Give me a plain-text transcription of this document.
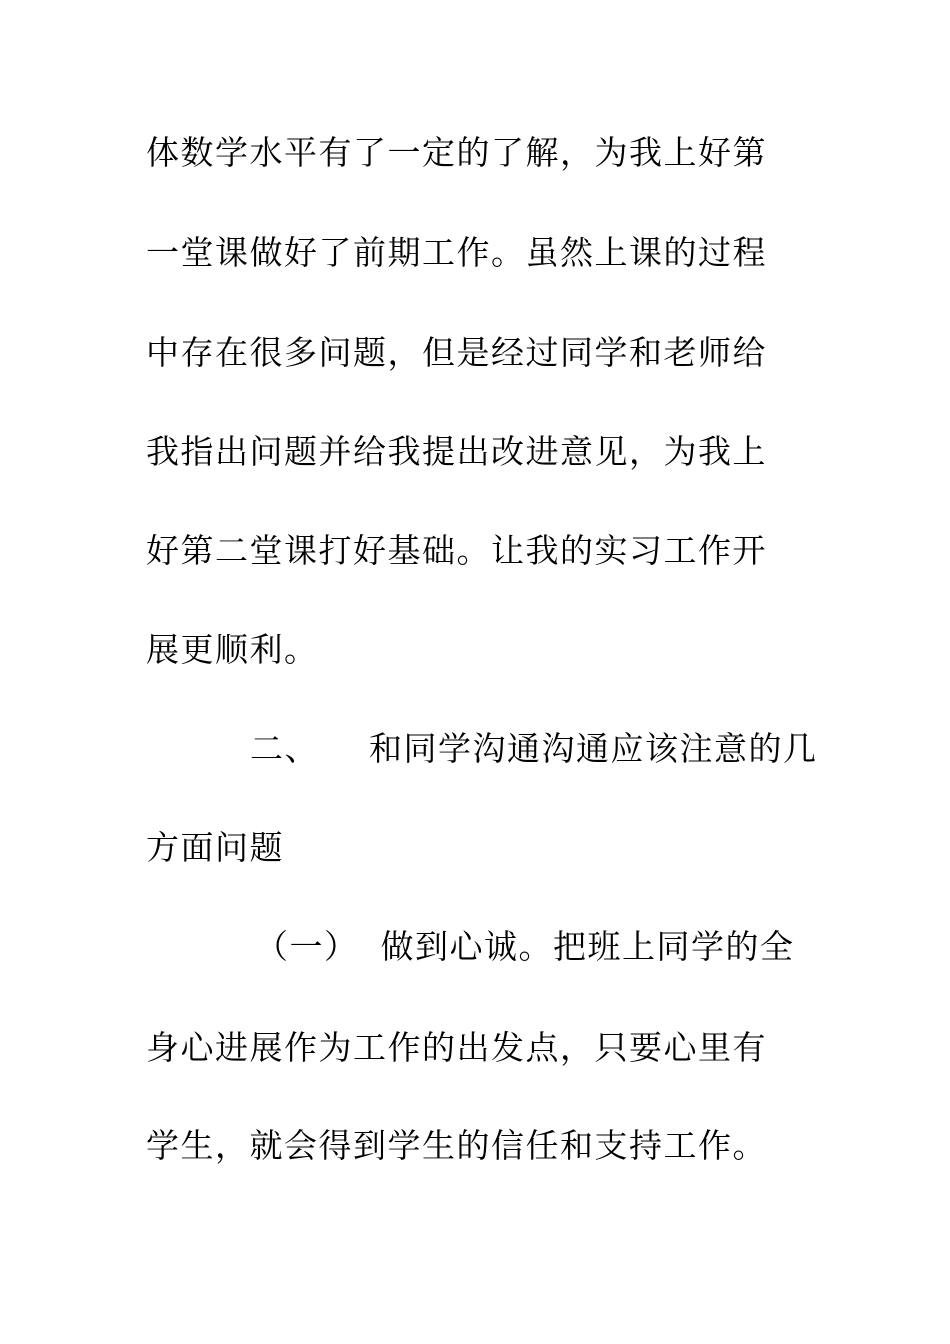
体数学水平有了一定的了解，为我上好第
一堂课做好了前期工作。虽然上课的过程
中存在很多问题，但是经过同学和老师给
我指出问题并给我提出改进意见，为我上
好第二堂课打好基础。让我的实习工作开
展更顺利。
二、 和同学沟通沟通应该注意的几
方面问题
（一） 做到心诚。把班上同学的全
身心进展作为工作的出发点，只要心里有
学生，就会得到学生的信任和支持工作。
